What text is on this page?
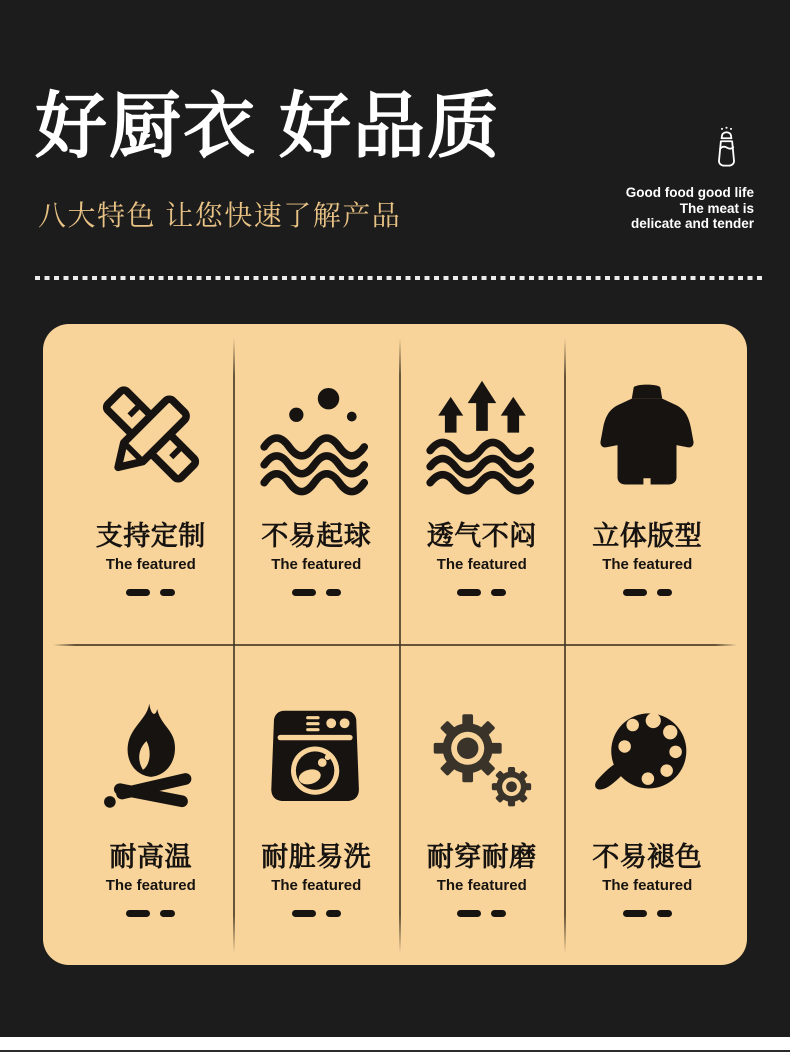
好厨衣 好品质

八大特色 让您快速了解产品

Good food good life
The meat is
delicate and tender
支持定制
The featured
不易起球
The featured
透气不闷
The featured
立体版型
The featured
耐高温
The featured
耐脏易洗
The featured
耐穿耐磨
The featured
不易褪色
The featured
